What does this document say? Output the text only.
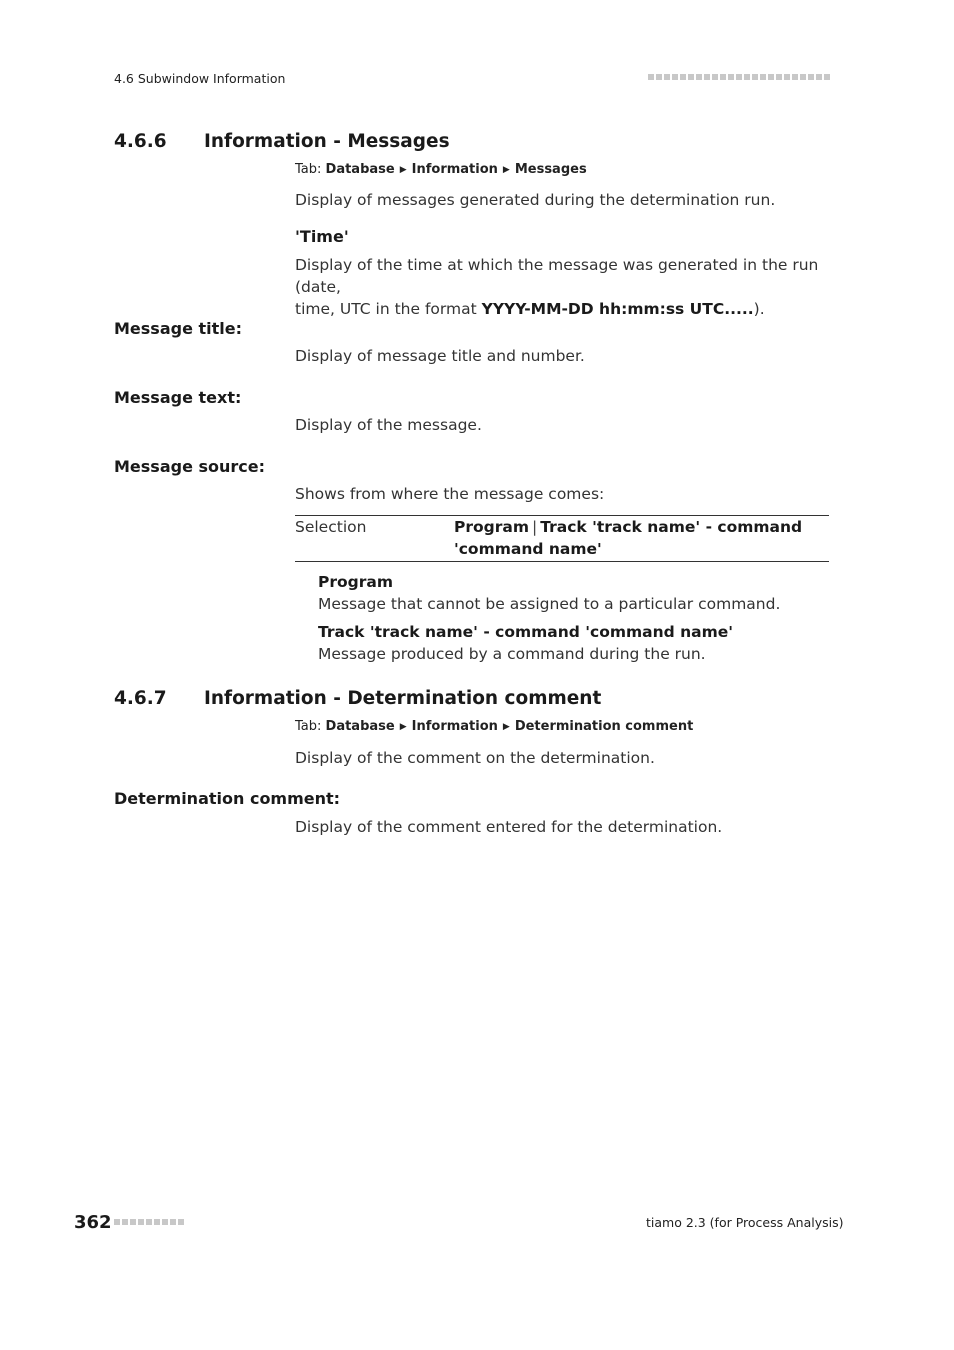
4.6 Subwindow Information
4.6.6 Information - Messages
Tab: Database ▶ Information ▶ Messages
Display of messages generated during the determination run.
'Time'
Display of the time at which the message was generated in the run (date,
time, UTC in the format YYYY-MM-DD hh:mm:ss UTC.....).
Message title:
Display of message title and number.
Message text:
Display of the message.
Message source:
Shows from where the message comes:
Selection	Program | Track 'track name' - command
'command name'
Program
Message that cannot be assigned to a particular command.
Track 'track name' - command 'command name'
Message produced by a command during the run.
4.6.7 Information - Determination comment
Tab: Database ▶ Information ▶ Determination comment
Display of the comment on the determination.
Determination comment:
Display of the comment entered for the determination.
362	tiamo 2.3 (for Process Analysis)
